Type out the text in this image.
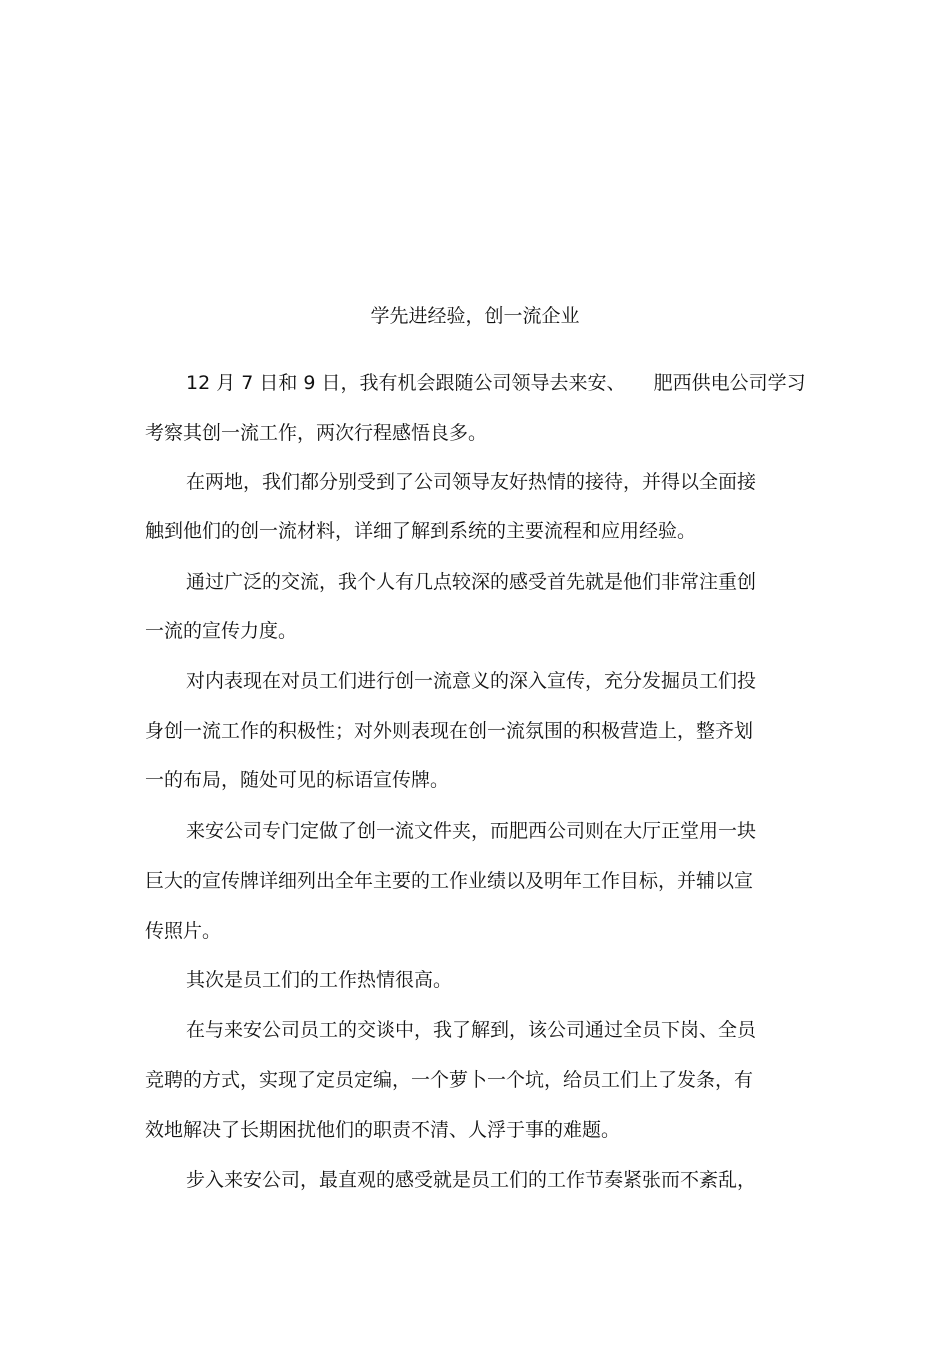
学先进经验，创一流企业
12 月 7 日和 9 日，我有机会跟随公司领导去来安、 肥西供电公司学习
考察其创一流工作，两次行程感悟良多。
在两地，我们都分别受到了公司领导友好热情的接待，并得以全面接
触到他们的创一流材料，详细了解到系统的主要流程和应用经验。
通过广泛的交流，我个人有几点较深的感受首先就是他们非常注重创
一流的宣传力度。
对内表现在对员工们进行创一流意义的深入宣传，充分发掘员工们投
身创一流工作的积极性；对外则表现在创一流氛围的积极营造上，整齐划
一的布局，随处可见的标语宣传牌。
来安公司专门定做了创一流文件夹，而肥西公司则在大厅正堂用一块
巨大的宣传牌详细列出全年主要的工作业绩以及明年工作目标，并辅以宣
传照片。
其次是员工们的工作热情很高。
在与来安公司员工的交谈中，我了解到，该公司通过全员下岗、全员
竞聘的方式，实现了定员定编，一个萝卜一个坑，给员工们上了发条，有
效地解决了长期困扰他们的职责不清、人浮于事的难题。
步入来安公司，最直观的感受就是员工们的工作节奏紧张而不紊乱，
